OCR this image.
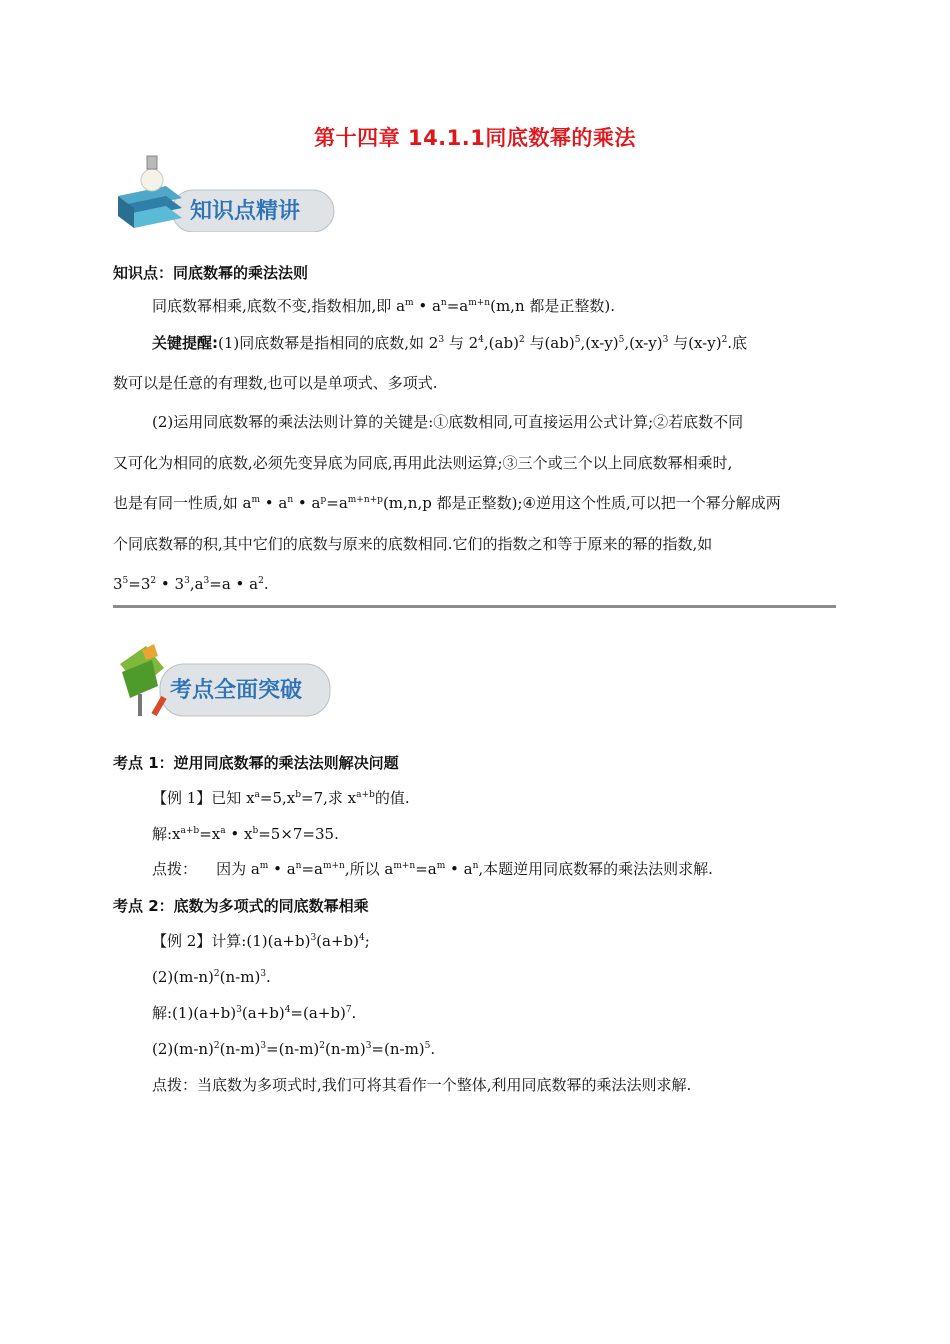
第十四章 14.1.1同底数幂的乘法
知识点精讲
知识点：同底数幂的乘法法则
同底数幂相乘,底数不变,指数相加,即 $a^m$ • $a^n=a^{m+n}(m,n$ 都是正整数).
关键提醒:(1)同底数幂是指相同的底数,如 $2^3$ 与 $2^4,(ab)^2$ 与$(ab)^5,(x-y)^5,(x-y)^3$ 与$(x-y)^2$.底
数可以是任意的有理数,也可以是单项式、多项式.
(2)运用同底数幂的乘法法则计算的关键是:①底数相同,可直接运用公式计算;②若底数不同
又可化为相同的底数,必须先变异底为同底,再用此法则运算;③三个或三个以上同底数幂相乘时,
也是有同一性质,如 $a^m$ • $a^n$ • $a^p=a^{m+n+p}(m,n,p$ 都是正整数);④逆用这个性质,可以把一个幂分解成两
个同底数幂的积,其中它们的底数与原来的底数相同.它们的指数之和等于原来的幂的指数,如
$3^5=3^2$ • $3^3,a^3=a$ • $a^2$.
考点全面突破
考点 1：逆用同底数幂的乘法法则解决问题
【例 1】已知 $x^a=5,x^b=7$,求 $x^{a+b}$的值.
解$:x^{a+b}=x^a$ • $x^b=5\times 7=35$.
点拨：    因为 $a^m$ • $a^n=a^{m+n}$,所以 $a^{m+n}=a^m$ • $a^n$,本题逆用同底数幂的乘法法则求解.
考点 2：底数为多项式的同底数幂相乘
【例 2】计算$:(1)(a+b)^3(a+b)^4$;
$(2)(m-n)^2(n-m)^3$.
解$:(1)(a+b)^3(a+b)^4=(a+b)^7$.
$(2)(m-n)^2(n-m)^3=(n-m)^2(n-m)^3=(n-m)^5$.
点拨：当底数为多项式时,我们可将其看作一个整体,利用同底数幂的乘法法则求解.
